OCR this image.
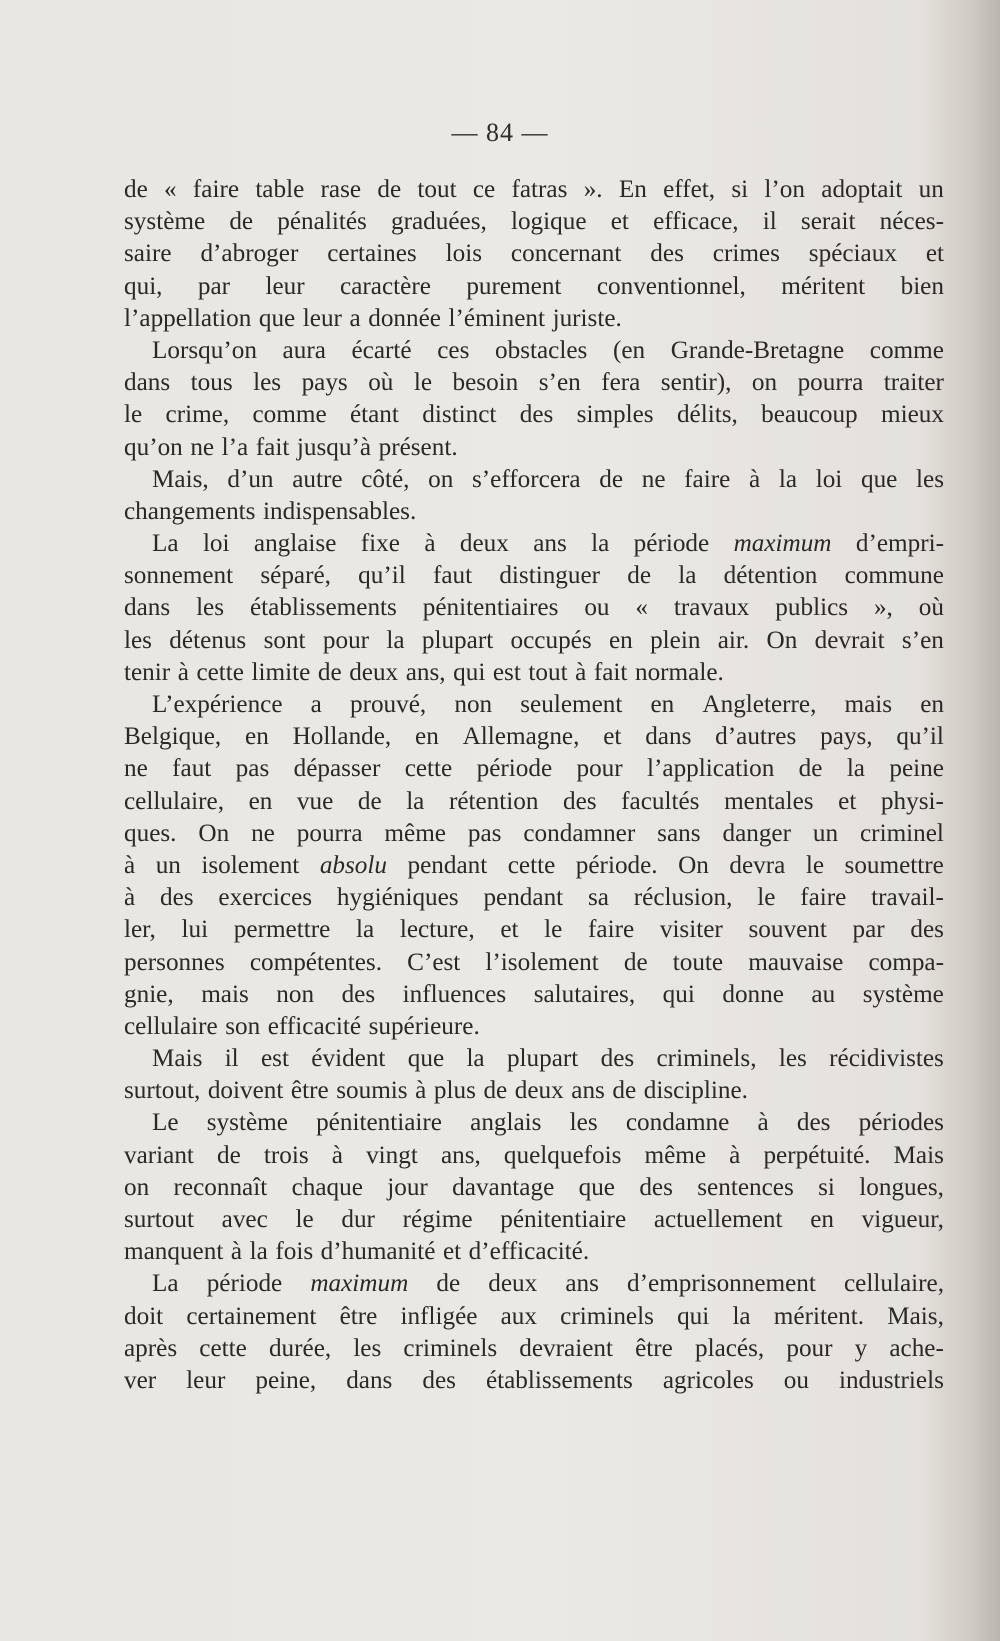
— 84 —
de « faire table rase de tout ce fatras ». En effet, si l’on adoptait un
système de pénalités graduées, logique et efficace, il serait néces-
saire d’abroger certaines lois concernant des crimes spéciaux et
qui, par leur caractère purement conventionnel, méritent bien
l’appellation que leur a donnée l’éminent juriste.
Lorsqu’on aura écarté ces obstacles (en Grande-Bretagne comme
dans tous les pays où le besoin s’en fera sentir), on pourra traiter
le crime, comme étant distinct des simples délits, beaucoup mieux
qu’on ne l’a fait jusqu’à présent.
Mais, d’un autre côté, on s’efforcera de ne faire à la loi que les
changements indispensables.
La loi anglaise fixe à deux ans la période maximum d’empri-
sonnement séparé, qu’il faut distinguer de la détention commune
dans les établissements pénitentiaires ou « travaux publics », où
les détenus sont pour la plupart occupés en plein air. On devrait s’en
tenir à cette limite de deux ans, qui est tout à fait normale.
L’expérience a prouvé, non seulement en Angleterre, mais en
Belgique, en Hollande, en Allemagne, et dans d’autres pays, qu’il
ne faut pas dépasser cette période pour l’application de la peine
cellulaire, en vue de la rétention des facultés mentales et physi-
ques. On ne pourra même pas condamner sans danger un criminel
à un isolement absolu pendant cette période. On devra le soumettre
à des exercices hygiéniques pendant sa réclusion, le faire travail-
ler, lui permettre la lecture, et le faire visiter souvent par des
personnes compétentes. C’est l’isolement de toute mauvaise compa-
gnie, mais non des influences salutaires, qui donne au système
cellulaire son efficacité supérieure.
Mais il est évident que la plupart des criminels, les récidivistes
surtout, doivent être soumis à plus de deux ans de discipline.
Le système pénitentiaire anglais les condamne à des périodes
variant de trois à vingt ans, quelquefois même à perpétuité. Mais
on reconnaît chaque jour davantage que des sentences si longues,
surtout avec le dur régime pénitentiaire actuellement en vigueur,
manquent à la fois d’humanité et d’efficacité.
La période maximum de deux ans d’emprisonnement cellulaire,
doit certainement être infligée aux criminels qui la méritent. Mais,
après cette durée, les criminels devraient être placés, pour y ache-
ver leur peine, dans des établissements agricoles ou industriels
